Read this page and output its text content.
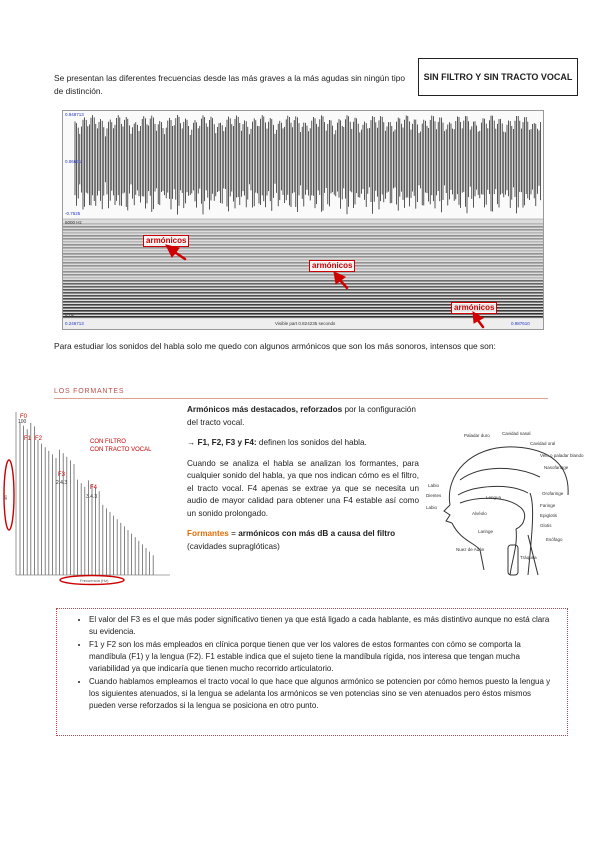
SIN FILTRO Y SIN TRACTO VOCAL
Se presentan las diferentes frecuencias desde las más graves a la más agudas sin ningún tipo de distinción.
0.948713
0.06651
-0.7525
6000 Hz
0 Hz
0.246713	0.987610
Visible part 0.824235 seconds
armónicos
armónicos
armónicos
Para estudiar los sonidos del habla solo me quedo con algunos armónicos que son los más sonoros, intensos que son:
LOS FORMANTES
100
F0
F1 F2
F3
2.4.3
F4
3.4.3
CON FILTRO
CON TRACTO VOCAL
dB
Frecuencia (Hz)

Armónicos más destacados, reforzados por la configuración del tracto vocal.

→ F1, F2, F3 y F4: definen los sonidos del habla.

Cuando se analiza el habla se analizan los formantes, para cualquier sonido del habla, ya que nos indican cómo es el filtro, el tracto vocal. F4 apenas se extrae ya que se necesita un audio de mayor calidad para obtener una F4 estable así como un sonido prolongado.

Formantes = armónicos con más dB a causa del filtro (cavidades supraglóticas)

Paladar duro	Cavidad nasal
Cavidad oral
Velo o paladar blando
Nasofaringe
Labio
Dientes
Labio
Lengua
Orofaringe
Alvéolo
Faringe
Epiglotis
Glotis
Laringe
Esófago
Nuez de Adán
Tráquea
• El valor del F3 es el que más poder significativo tienen ya que está ligado a cada hablante, es más distintivo aunque no está clara su evidencia.
• F1 y F2 son los más empleados en clínica porque tienen que ver los valores de estos formantes con cómo se comporta la mandíbula (F1) y la lengua (F2). F1 estable indica que el sujeto tiene la mandíbula rígida, nos interesa que tengan mucha variabilidad ya que indicaría que tienen mucho recorrido articulatorio.
• Cuando hablamos empleamos el tracto vocal lo que hace que algunos armónico se potencien por cómo hemos puesto la lengua y los siguientes atenuados, si la lengua se adelanta los armónicos se ven potencias sino se ven atenuados pero éstos mismos pueden verse reforzados si la lengua se posiciona en otro punto.
